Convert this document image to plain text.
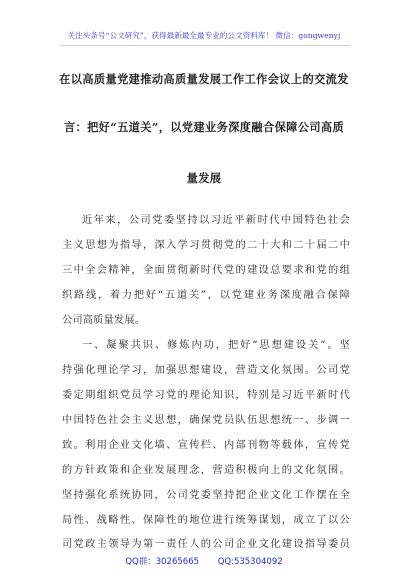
关注头条号“公文研究”，获得最新最全最专业的公文资料库！ 微信：gongwenyj
在以高质量党建推动高质量发展工作工作会议上的交流发
言：把好“五道关”，以党建业务深度融合保障公司高质
量发展
近年来，公司党委坚持以习近平新时代中国特色社会
主义思想为指导，深入学习贯彻党的二十大和二十届二中
三中全会精神，全面贯彻新时代党的建设总要求和党的组
织路线，着力把好“五道关”，以党建业务深度融合保障
公司高质量发展。
一、凝聚共识、修炼内功，把好“思想建设关”。坚
持强化理论学习，加强思想建设，营造文化氛围。公司党
委定期组织党员学习党的理论知识，特别是习近平新时代
中国特色社会主义思想，确保党员队伍思想统一、步调一
致。利用企业文化墙、宣传栏、内部刊物等载体，宣传党
的方针政策和企业发展理念，营造积极向上的文化氛围。
坚持强化系统协同，公司党委坚持把企业文化工作摆在全
局性、战略性、保障性的地位进行统筹谋划，成立了以公
司党政主领导为第一责任人的公司企业文化建设指导委员
QQ群：30265665 QQ:535304092
